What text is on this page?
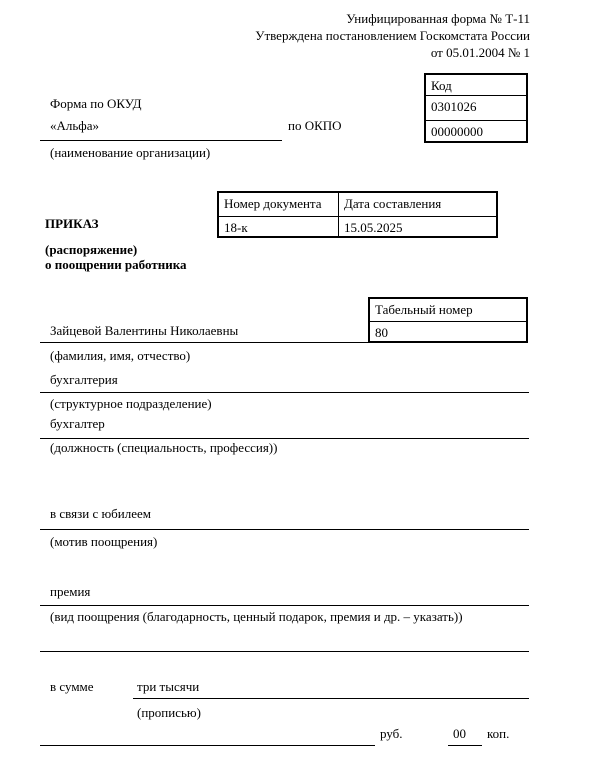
Унифицированная форма № Т-11
Утверждена постановлением Госкомстата России
от 05.01.2004 № 1
Код
0301026
00000000
Форма по ОКУД
«Альфа»	по ОКПО
(наименование организации)
Номер документа	Дата составления
18-к	15.05.2025
ПРИКАЗ
(распоряжение)
о поощрении работника
Табельный номер
80
Зайцевой Валентины Николаевны
(фамилия, имя, отчество)
бухгалтерия
(структурное подразделение)
бухгалтер
(должность (специальность, профессия))
в связи с юбилеем
(мотив поощрения)
премия
(вид поощрения (благодарность, ценный подарок, премия и др. – указать))
в сумме	три тысячи
(прописью)
руб.	00 коп.
